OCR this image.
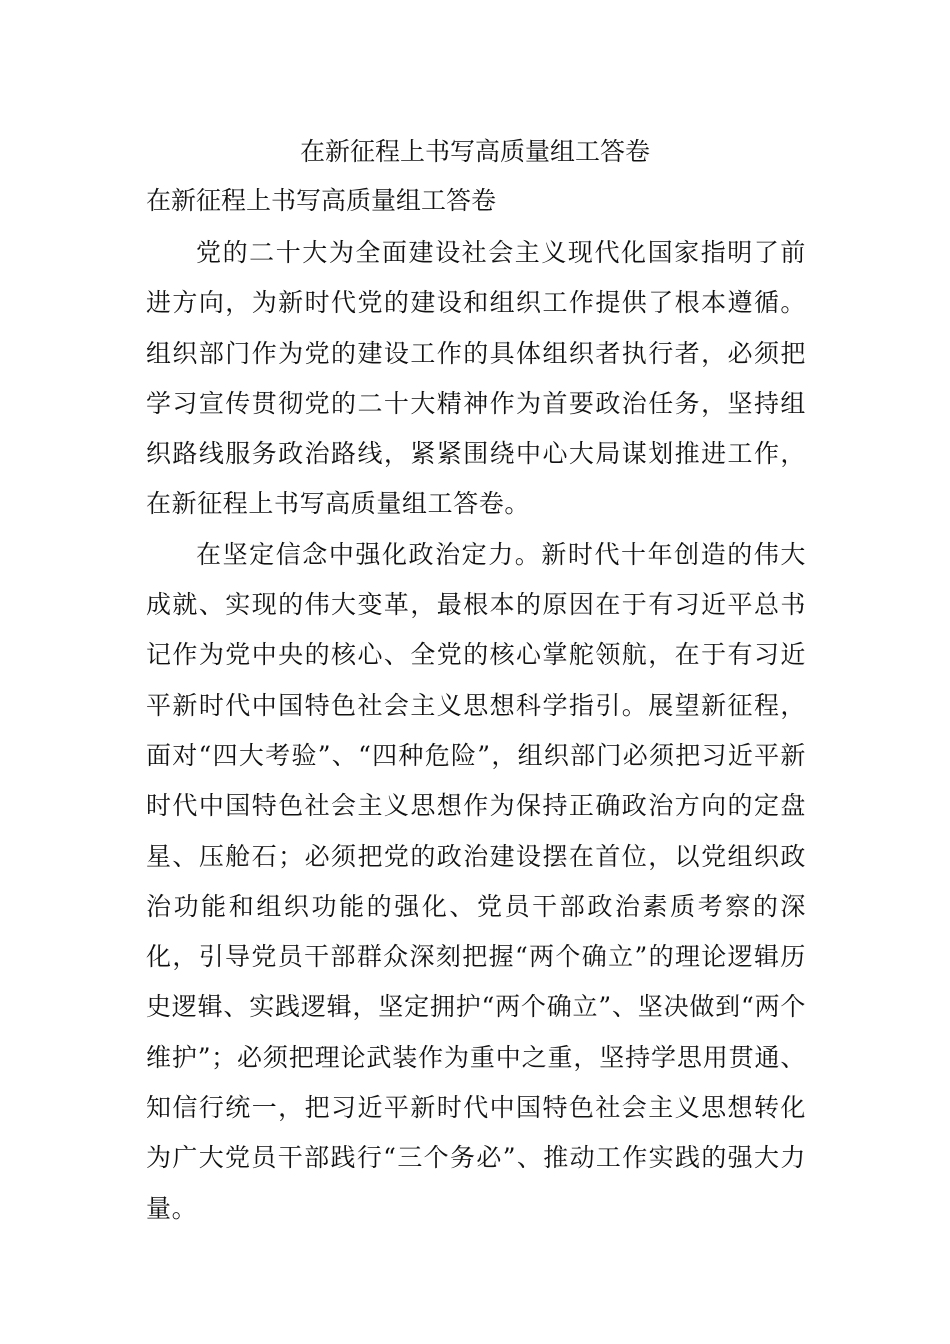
在新征程上书写高质量组工答卷
在新征程上书写高质量组工答卷

党的二十大为全面建设社会主义现代化国家指明了前进方向，为新时代党的建设和组织工作提供了根本遵循。组织部门作为党的建设工作的具体组织者执行者，必须把学习宣传贯彻党的二十大精神作为首要政治任务，坚持组织路线服务政治路线，紧紧围绕中心大局谋划推进工作，在新征程上书写高质量组工答卷。

在坚定信念中强化政治定力。新时代十年创造的伟大成就、实现的伟大变革，最根本的原因在于有习近平总书记作为党中央的核心、全党的核心掌舵领航，在于有习近平新时代中国特色社会主义思想科学指引。展望新征程，面对“四大考验”、“四种危险”，组织部门必须把习近平新时代中国特色社会主义思想作为保持正确政治方向的定盘星、压舱石；必须把党的政治建设摆在首位，以党组织政治功能和组织功能的强化、党员干部政治素质考察的深化，引导党员干部群众深刻把握“两个确立”的理论逻辑历史逻辑、实践逻辑，坚定拥护“两个确立”、坚决做到“两个维护”；必须把理论武装作为重中之重，坚持学思用贯通、知信行统一，把习近平新时代中国特色社会主义思想转化为广大党员干部践行“三个务必”、推动工作实践的强大力量。
